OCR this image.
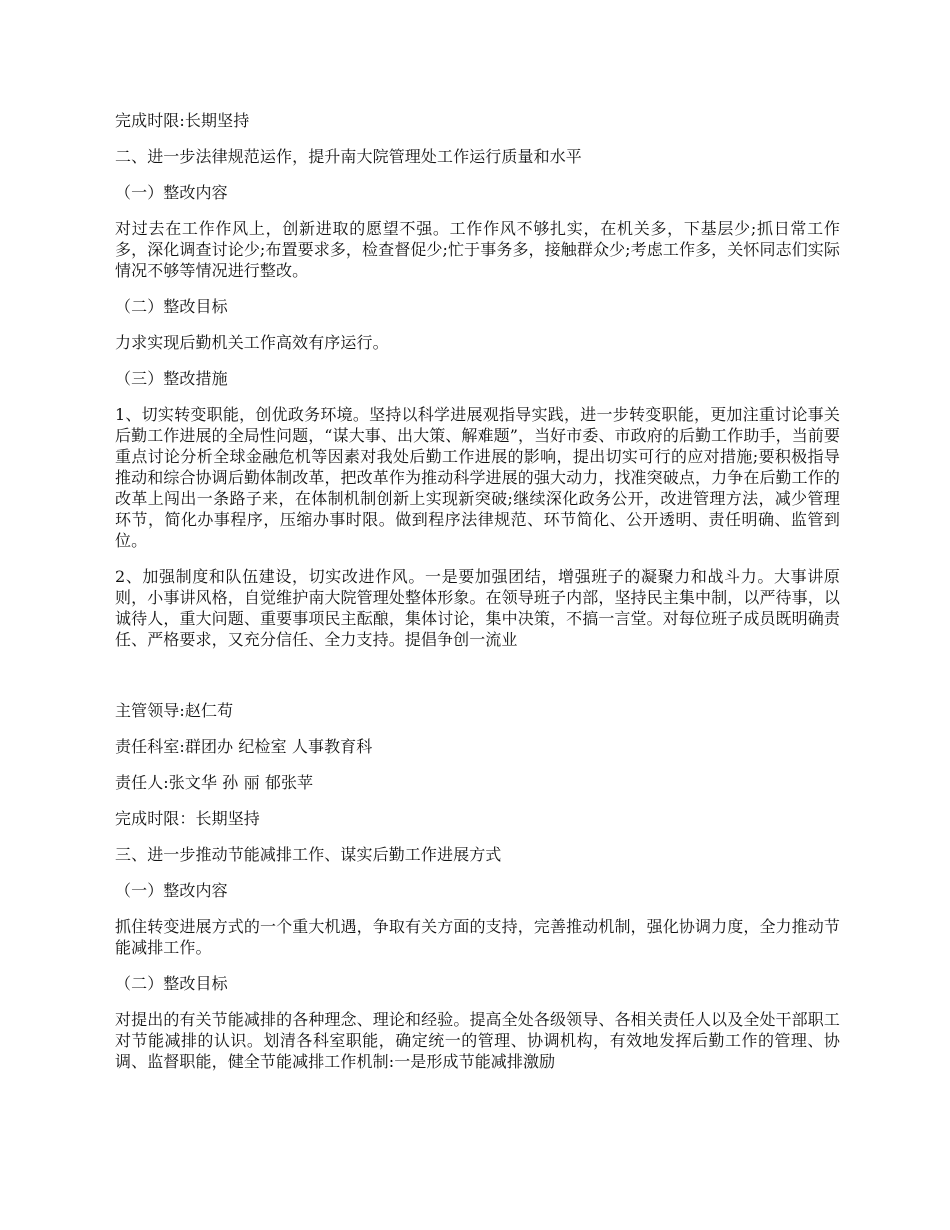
完成时限:长期坚持

二、进一步法律规范运作，提升南大院管理处工作运行质量和水平

（一）整改内容

对过去在工作作风上，创新进取的愿望不强。工作作风不够扎实，在机关多，下基层少;抓日常工作多，深化调查讨论少;布置要求多，检查督促少;忙于事务多，接触群众少;考虑工作多，关怀同志们实际情况不够等情况进行整改。

（二）整改目标

力求实现后勤机关工作高效有序运行。

（三）整改措施

1、切实转变职能，创优政务环境。坚持以科学进展观指导实践，进一步转变职能，更加注重讨论事关后勤工作进展的全局性问题，“谋大事、出大策、解难题”，当好市委、市政府的后勤工作助手，当前要重点讨论分析全球金融危机等因素对我处后勤工作进展的影响，提出切实可行的应对措施;要积极指导推动和综合协调后勤体制改革，把改革作为推动科学进展的强大动力，找准突破点，力争在后勤工作的改革上闯出一条路子来，在体制机制创新上实现新突破;继续深化政务公开，改进管理方法，减少管理环节，简化办事程序，压缩办事时限。做到程序法律规范、环节简化、公开透明、责任明确、监管到位。

2、加强制度和队伍建设，切实改进作风。一是要加强团结，增强班子的凝聚力和战斗力。大事讲原则，小事讲风格，自觉维护南大院管理处整体形象。在领导班子内部，坚持民主集中制，以严待事，以诚待人，重大问题、重要事项民主酝酿，集体讨论，集中决策，不搞一言堂。对每位班子成员既明确责任、严格要求，又充分信任、全力支持。提倡争创一流业

主管领导:赵仁苟

责任科室:群团办 纪检室 人事教育科

责任人:张文华 孙 丽 郁张苹

完成时限：长期坚持

三、进一步推动节能减排工作、谋实后勤工作进展方式

（一）整改内容

抓住转变进展方式的一个重大机遇，争取有关方面的支持，完善推动机制，强化协调力度，全力推动节能减排工作。

（二）整改目标

对提出的有关节能减排的各种理念、理论和经验。提高全处各级领导、各相关责任人以及全处干部职工对节能减排的认识。划清各科室职能，确定统一的管理、协调机构，有效地发挥后勤工作的管理、协调、监督职能，健全节能减排工作机制:一是形成节能减排激励
